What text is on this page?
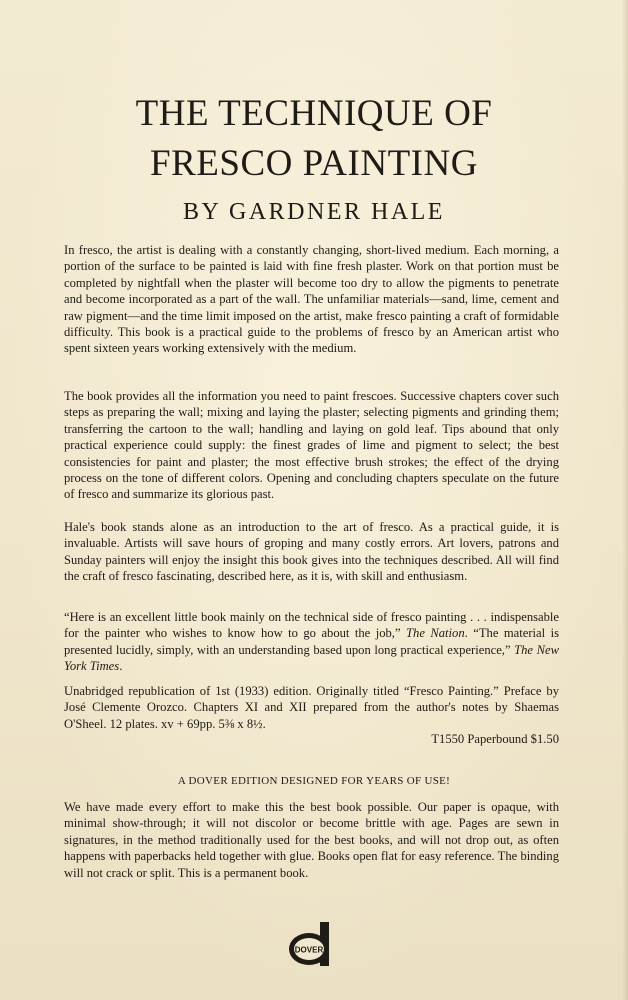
THE TECHNIQUE OF
FRESCO PAINTING
BY GARDNER HALE

In fresco, the artist is dealing with a constantly changing, short-lived medium. Each morning, a portion of the surface to be painted is laid with fine fresh plaster. Work on that portion must be completed by nightfall when the plaster will become too dry to allow the pigments to penetrate and become incorporated as a part of the wall. The unfamiliar materials—sand, lime, cement and raw pigment—and the time limit imposed on the artist, make fresco painting a craft of formidable difficulty. This book is a practical guide to the problems of fresco by an American artist who spent sixteen years working extensively with the medium.

The book provides all the information you need to paint frescoes. Successive chapters cover such steps as preparing the wall; mixing and laying the plaster; selecting pigments and grinding them; transferring the cartoon to the wall; handling and laying on gold leaf. Tips abound that only practical experience could supply: the finest grades of lime and pigment to select; the best consistencies for paint and plaster; the most effective brush strokes; the effect of the drying process on the tone of different colors. Opening and concluding chapters speculate on the future of fresco and summarize its glorious past.

Hale's book stands alone as an introduction to the art of fresco. As a practical guide, it is invaluable. Artists will save hours of groping and many costly errors. Art lovers, patrons and Sunday painters will enjoy the insight this book gives into the techniques described. All will find the craft of fresco fascinating, described here, as it is, with skill and enthusiasm.

“Here is an excellent little book mainly on the technical side of fresco painting . . . indispensable for the painter who wishes to know how to go about the job,” The Nation. “The material is presented lucidly, simply, with an understanding based upon long practical experience,” The New York Times.

Unabridged republication of 1st (1933) edition. Originally titled “Fresco Painting.” Preface by José Clemente Orozco. Chapters XI and XII prepared from the author's notes by Shaemas O'Sheel. 12 plates. xv + 69pp. 5⅜ x 8½.

T1550 Paperbound $1.50
A DOVER EDITION DESIGNED FOR YEARS OF USE!

We have made every effort to make this the best book possible. Our paper is opaque, with minimal show-through; it will not discolor or become brittle with age. Pages are sewn in signatures, in the method traditionally used for the best books, and will not drop out, as often happens with paperbacks held together with glue. Books open flat for easy reference. The binding will not crack or split. This is a permanent book.

DOVER
